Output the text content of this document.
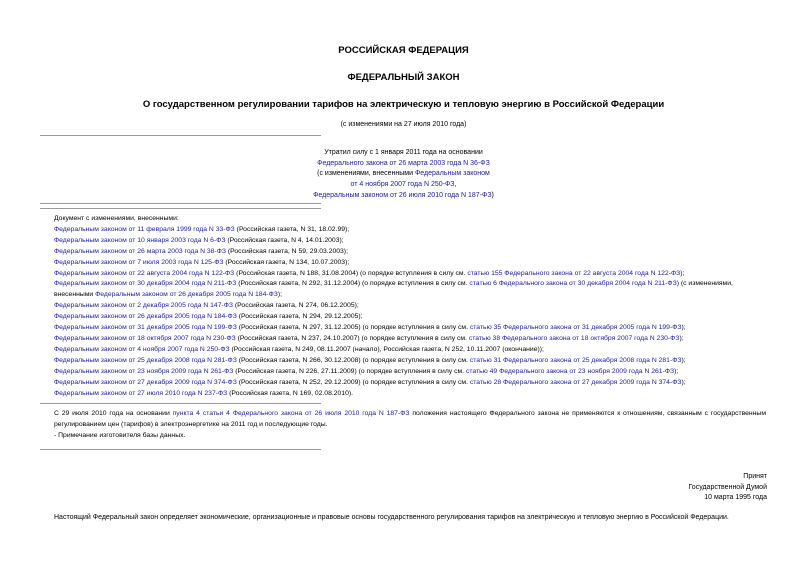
РОССИЙСКАЯ ФЕДЕРАЦИЯ
ФЕДЕРАЛЬНЫЙ ЗАКОН
О государственном регулировании тарифов на электрическую и тепловую энергию в Российской Федерации
(с изменениями на 27 июля 2010 года)
Утратил силу с 1 января 2011 года на основании
Федерального закона от 26 марта 2003 года N 36-ФЗ
(с изменениями, внесенными Федеральным законом
от 4 ноября 2007 года N 250-ФЗ,
Федеральным законом от 26 июля 2010 года N 187-ФЗ)
Документ с изменениями, внесенными:
Федеральным законом от 11 февраля 1999 года N 33-ФЗ (Российская газета, N 31, 18.02.99);
Федеральным законом от 10 января 2003 года N 6-ФЗ (Российская газета, N 4, 14.01.2003);
Федеральным законом от 26 марта 2003 года N 38-ФЗ (Российская газета, N 59, 29.03.2003);
Федеральным законом от 7 июля 2003 года N 125-ФЗ (Российская газета, N 134, 10.07.2003);
Федеральным законом от 22 августа 2004 года N 122-ФЗ (Российская газета, N 188, 31.08.2004) (о порядке вступления в силу см. статью 155 Федерального закона от 22 августа 2004 года N 122-ФЗ);
Федеральным законом от 30 декабря 2004 года N 211-ФЗ (Российская газета, N 292, 31.12.2004) (о порядке вступления в силу см. статью 6 Федерального закона от 30 декабря 2004 года N 211-ФЗ) (с изменениями, внесенными Федеральным законом от 26 декабря 2005 года N 184-ФЗ);
Федеральным законом от 2 декабря 2005 года N 147-ФЗ (Российская газета, N 274, 06.12.2005);
Федеральным законом от 26 декабря 2005 года N 184-ФЗ (Российская газета, N 294, 29.12.2005);
Федеральным законом от 31 декабря 2005 года N 199-ФЗ (Российская газета, N 297, 31.12.2005) (о порядке вступления в силу см. статью 35 Федерального закона от 31 декабря 2005 года N 199-ФЗ);
Федеральным законом от 18 октября 2007 года N 230-ФЗ (Российская газета, N 237, 24.10.2007) (о порядке вступления в силу см. статью 38 Федерального закона от 18 октября 2007 года N 230-ФЗ);
Федеральным законом от 4 ноября 2007 года N 250-ФЗ (Российская газета, N 249, 08.11.2007 (начало), Российская газета, N 252, 10.11.2007 (окончание));
Федеральным законом от 25 декабря 2008 года N 281-ФЗ (Российская газета, N 266, 30.12.2008) (о порядке вступления в силу см. статью 31 Федерального закона от 25 декабря 2008 года N 281-ФЗ);
Федеральным законом от 23 ноября 2009 года N 261-ФЗ (Российская газета, N 226, 27.11.2009) (о порядке вступления в силу см. статью 49 Федерального закона от 23 ноября 2009 года N 261-ФЗ);
Федеральным законом от 27 декабря 2009 года N 374-ФЗ (Российская газета, N 252, 29.12.2009) (о порядке вступления в силу см. статью 28 Федерального закона от 27 декабря 2009 года N 374-ФЗ);
Федеральным законом от 27 июля 2010 года N 237-ФЗ (Российская газета, N 169, 02.08.2010).
С 29 июля 2010 года на основании пункта 4 статьи 4 Федерального закона от 26 июля 2010 года N 187-ФЗ положения настоящего Федерального закона не применяются к отношениям, связанным с государственным регулированием цен (тарифов) в электроэнергетике на 2011 год и последующие годы.
- Примечание изготовителя базы данных.
Принят
Государственной Думой
10 марта 1995 года
Настоящий Федеральный закон определяет экономические, организационные и правовые основы государственного регулирования тарифов на электрическую и тепловую энергию в Российской Федерации.
